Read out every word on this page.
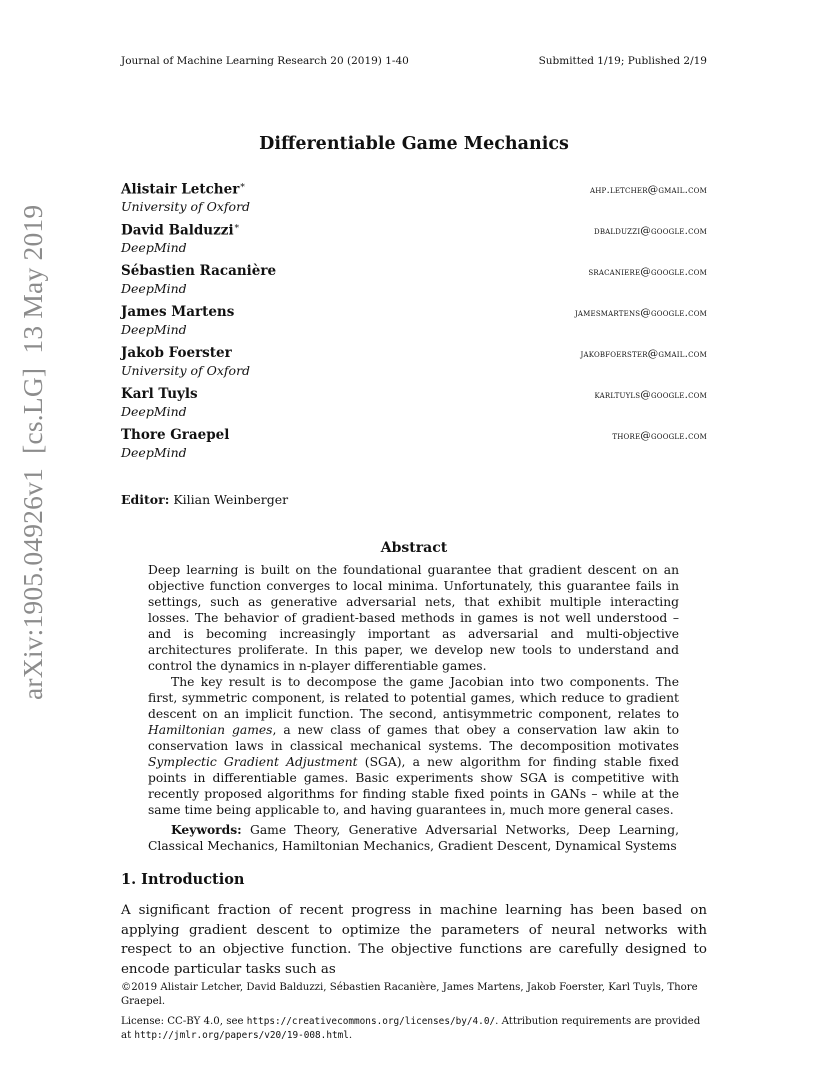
Journal of Machine Learning Research 20 (2019) 1-40	Submitted 1/19; Published 2/19
Differentiable Game Mechanics
Alistair Letcher∗
University of Oxford
ahp.letcher@gmail.com
David Balduzzi∗
DeepMind
dbalduzzi@google.com
Sébastien Racanière
DeepMind
sracaniere@google.com
James Martens
DeepMind
jamesmartens@google.com
Jakob Foerster
University of Oxford
jakobfoerster@gmail.com
Karl Tuyls
DeepMind
karltuyls@google.com
Thore Graepel
DeepMind
thore@google.com
Editor: Kilian Weinberger
Abstract

Deep learning is built on the foundational guarantee that gradient descent on an objective function converges to local minima. Unfortunately, this guarantee fails in settings, such as generative adversarial nets, that exhibit multiple interacting losses. The behavior of gradient-based methods in games is not well understood – and is becoming increasingly important as adversarial and multi-objective architectures proliferate. In this paper, we develop new tools to understand and control the dynamics in n-player differentiable games.

The key result is to decompose the game Jacobian into two components. The first, symmetric component, is related to potential games, which reduce to gradient descent on an implicit function. The second, antisymmetric component, relates to Hamiltonian games, a new class of games that obey a conservation law akin to conservation laws in classical mechanical systems. The decomposition motivates Symplectic Gradient Adjustment (SGA), a new algorithm for finding stable fixed points in differentiable games. Basic experiments show SGA is competitive with recently proposed algorithms for finding stable fixed points in GANs – while at the same time being applicable to, and having guarantees in, much more general cases.

Keywords: Game Theory, Generative Adversarial Networks, Deep Learning, Classical Mechanics, Hamiltonian Mechanics, Gradient Descent, Dynamical Systems

1. Introduction

A significant fraction of recent progress in machine learning has been based on applying gradient descent to optimize the parameters of neural networks with respect to an objective function. The objective functions are carefully designed to encode particular tasks such as

©2019 Alistair Letcher, David Balduzzi, Sébastien Racanière, James Martens, Jakob Foerster, Karl Tuyls, Thore Graepel.

License: CC-BY 4.0, see https://creativecommons.org/licenses/by/4.0/. Attribution requirements are provided at http://jmlr.org/papers/v20/19-008.html.

arXiv:1905.04926v1  [cs.LG]  13 May 2019
